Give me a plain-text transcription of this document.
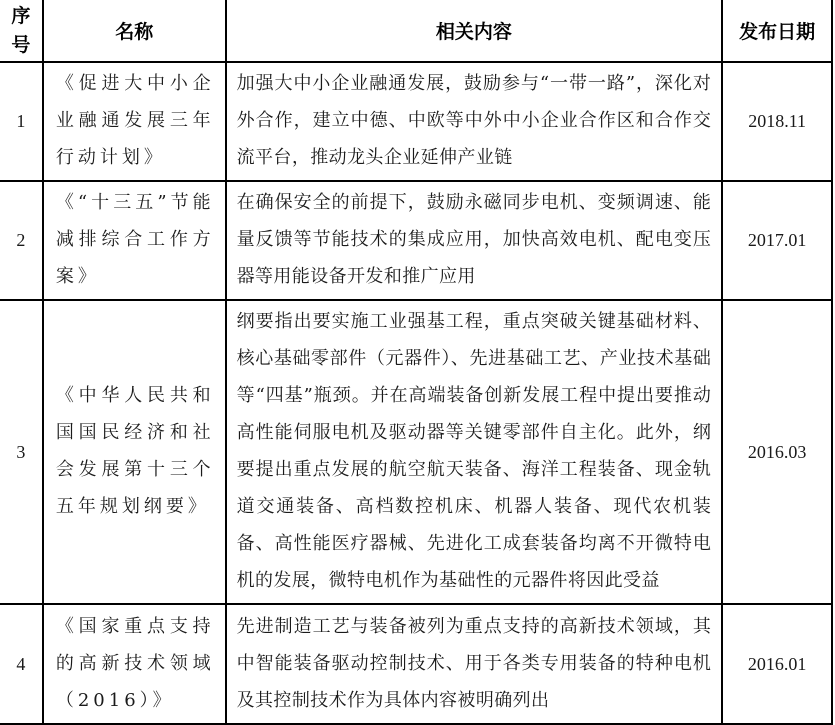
序
号	名称	相关内容	发布日期
1	《促进大中小企业融通发展三年行动计划》	加强大中小企业融通发展，鼓励参与“一带一路”，深化对外合作，建立中德、中欧等中外中小企业合作区和合作交流平台，推动龙头企业延伸产业链	2018.11
2	《“十三五”节能减排综合工作方案》	在确保安全的前提下，鼓励永磁同步电机、变频调速、能量反馈等节能技术的集成应用，加快高效电机、配电变压器等用能设备开发和推广应用	2017.01
3	《中华人民共和国国民经济和社会发展第十三个五年规划纲要》	纲要指出要实施工业强基工程，重点突破关键基础材料、核心基础零部件（元器件）、先进基础工艺、产业技术基础等“四基”瓶颈。并在高端装备创新发展工程中提出要推动高性能伺服电机及驱动器等关键零部件自主化。此外，纲要提出重点发展的航空航天装备、海洋工程装备、现金轨道交通装备、高档数控机床、机器人装备、现代农机装备、高性能医疗器械、先进化工成套装备均离不开微特电机的发展，微特电机作为基础性的元器件将因此受益	2016.03
4	《国家重点支持的高新技术领域（2016）》	先进制造工艺与装备被列为重点支持的高新技术领域，其中智能装备驱动控制技术、用于各类专用装备的特种电机及其控制技术作为具体内容被明确列出	2016.01
